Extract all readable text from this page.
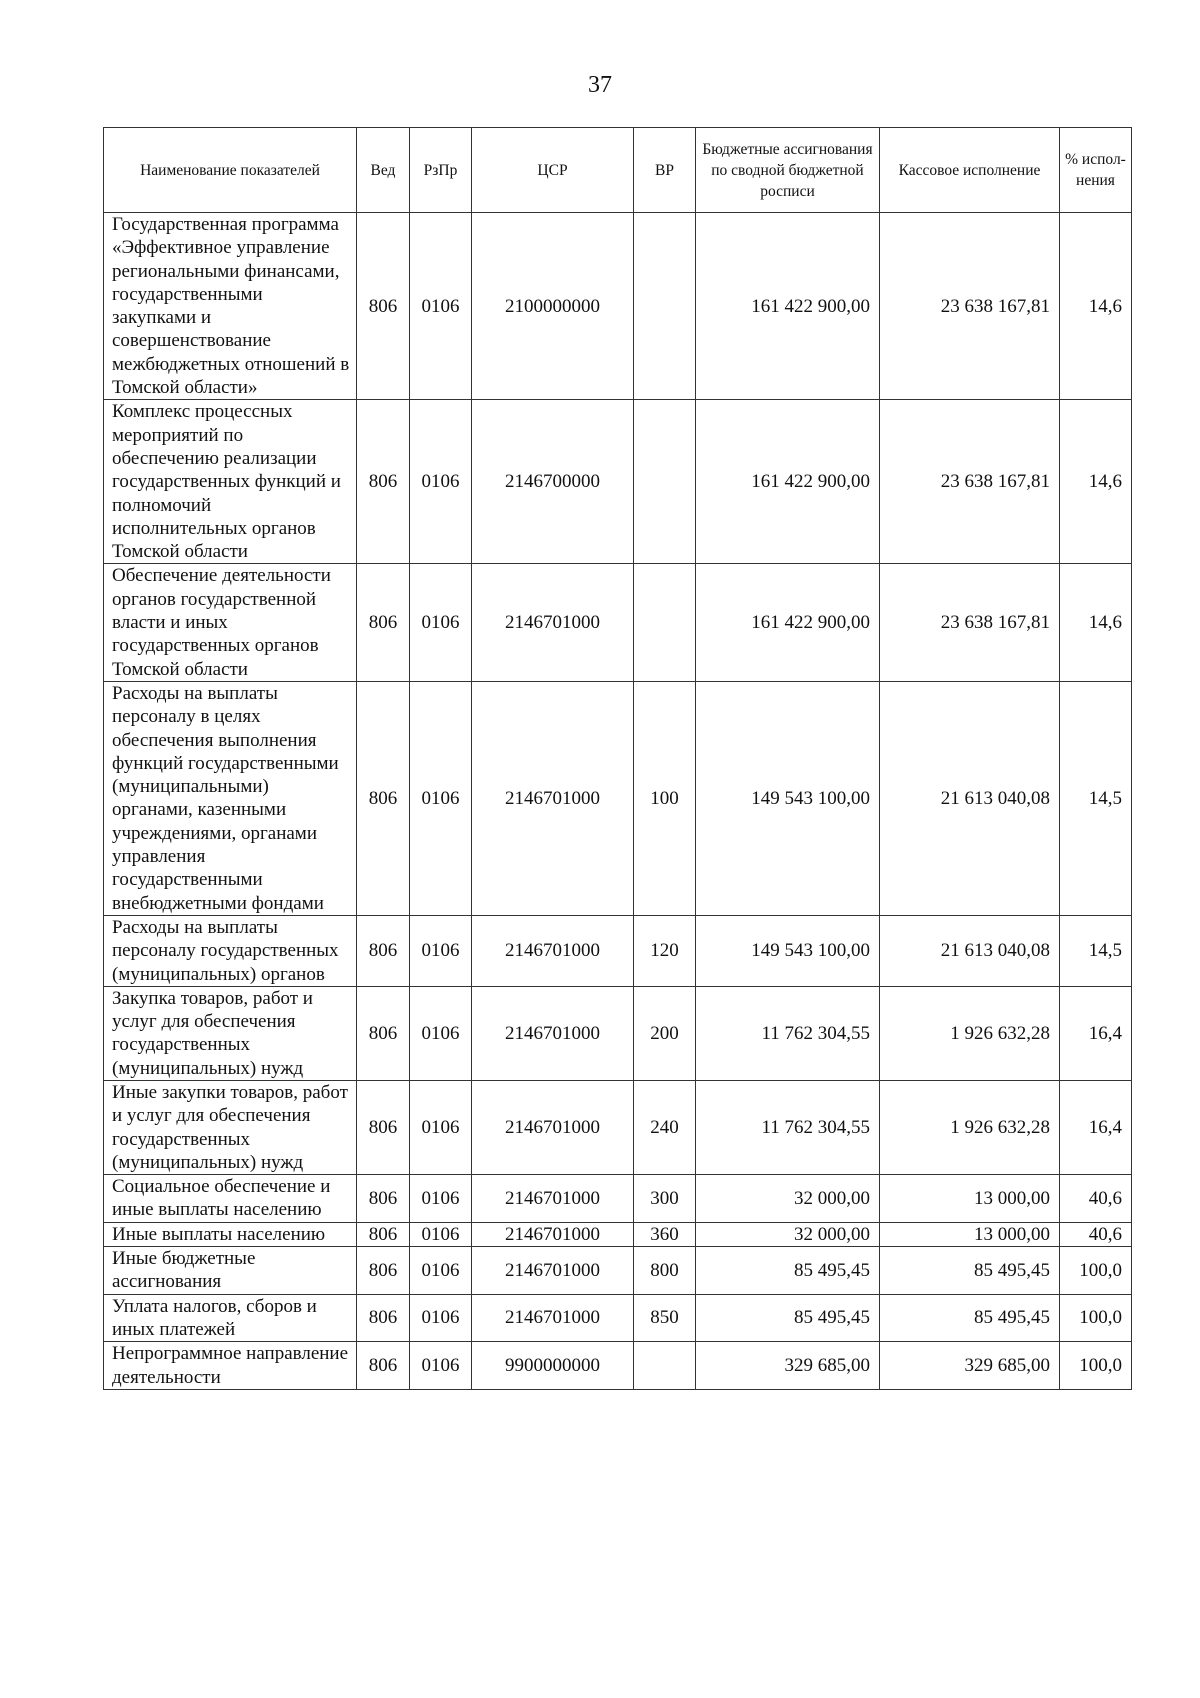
37
Наименование показателей	Вед	РзПр	ЦСР	ВР	Бюджетные ассигнования по сводной бюджетной росписи	Кассовое исполнение	% испол-нения
Государственная программа «Эффективное управление региональными финансами, государственными закупками и совершенствование межбюджетных отношений в Томской области»	806	0106	2100000000		161 422 900,00	23 638 167,81	14,6
Комплекс процессных мероприятий по обеспечению реализации государственных функций и полномочий исполнительных органов Томской области	806	0106	2146700000		161 422 900,00	23 638 167,81	14,6
Обеспечение деятельности органов государственной власти и иных государственных органов Томской области	806	0106	2146701000		161 422 900,00	23 638 167,81	14,6
Расходы на выплаты персоналу в целях обеспечения выполнения функций государственными (муниципальными) органами, казенными учреждениями, органами управления государственными внебюджетными фондами	806	0106	2146701000	100	149 543 100,00	21 613 040,08	14,5
Расходы на выплаты персоналу государственных (муниципальных) органов	806	0106	2146701000	120	149 543 100,00	21 613 040,08	14,5
Закупка товаров, работ и услуг для обеспечения государственных (муниципальных) нужд	806	0106	2146701000	200	11 762 304,55	1 926 632,28	16,4
Иные закупки товаров, работ и услуг для обеспечения государственных (муниципальных) нужд	806	0106	2146701000	240	11 762 304,55	1 926 632,28	16,4
Социальное обеспечение и иные выплаты населению	806	0106	2146701000	300	32 000,00	13 000,00	40,6
Иные выплаты населению	806	0106	2146701000	360	32 000,00	13 000,00	40,6
Иные бюджетные ассигнования	806	0106	2146701000	800	85 495,45	85 495,45	100,0
Уплата налогов, сборов и иных платежей	806	0106	2146701000	850	85 495,45	85 495,45	100,0
Непрограммное направление деятельности	806	0106	9900000000		329 685,00	329 685,00	100,0
